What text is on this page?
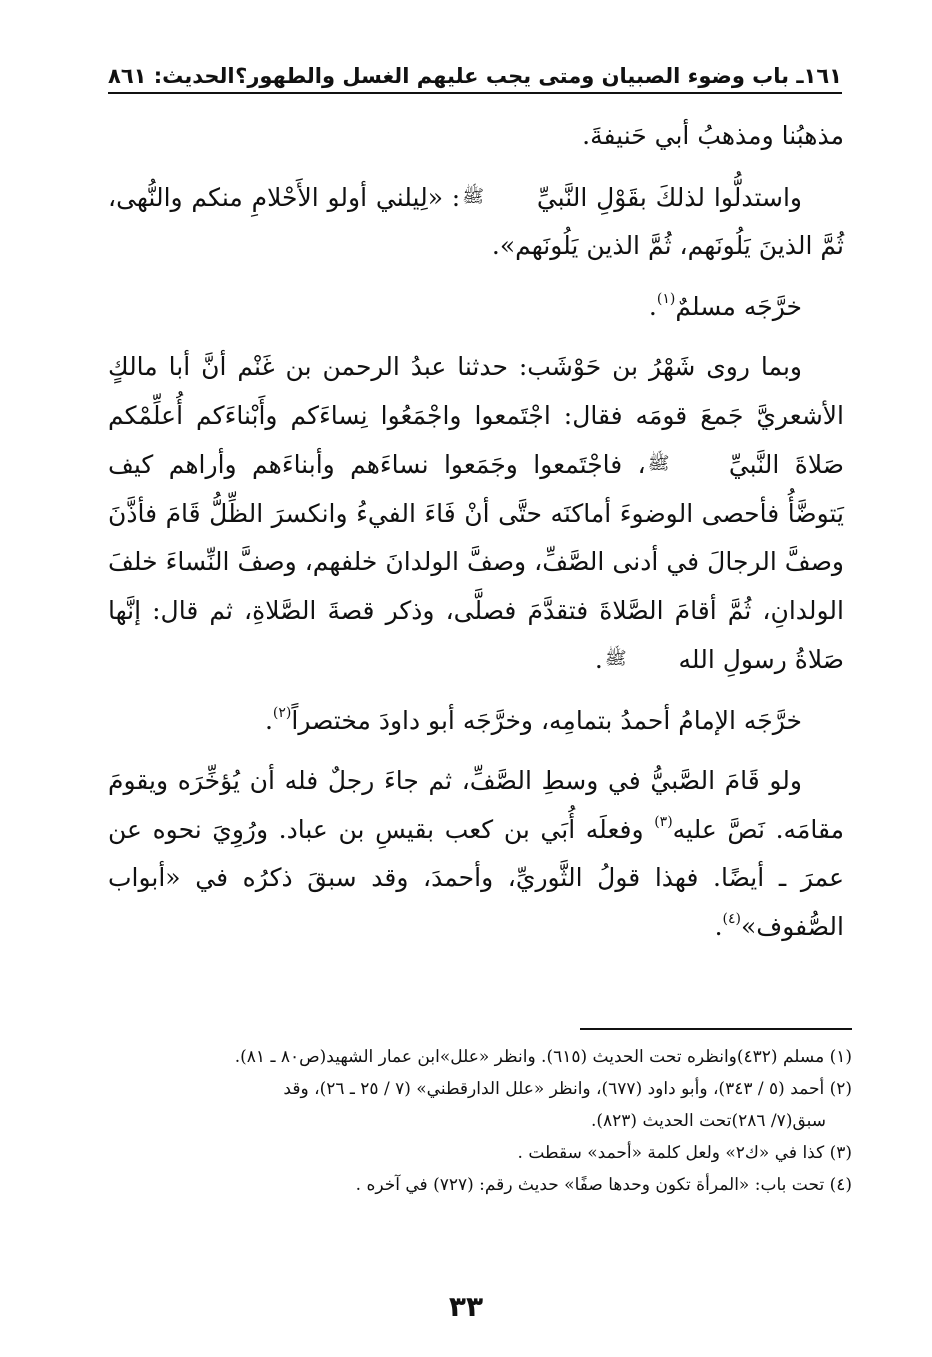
١٦١ـ باب وضوء الصبيان ومتى يجب عليهم الغسل والطهور؟
الحديث: ٨٦١

مذهبُنا ومذهبُ أبي حَنيفةَ.

واستدلُّوا لذلكَ بقَوْلِ النَّبيِّ ﷺ: «لِيلني أولو الأَحْلامِ منكم والنُّهى، ثُمَّ الذينَ يَلُونَهم، ثُمَّ الذين يَلُونَهم».

خرَّجَه مسلمٌ$^{(١)}$.

وبما روى شَهْرُ بن حَوْشَب: حدثنا عبدُ الرحمن بن غَنْم أنَّ أبا مالكٍ الأشعريَّ جَمعَ قومَه فقال: اجْتَمعوا واجْمَعُوا نِساءَكم وأَبْناءَكم أُعلِّمْكم صَلاةَ النَّبيِّ ﷺ، فاجْتَمعوا وجَمَعوا نساءَهم وأبناءَهم وأراهم كيف يَتوضَّأُ فأحصى الوضوءَ أماكنَه حتَّى أنْ فَاءَ الفيءُ وانكسرَ الظِّلُّ قَامَ فأذَّنَ وصفَّ الرجالَ في أدنى الصَّفِّ، وصفَّ الولدانَ خلفهم، وصفَّ النِّساءَ خلفَ الولدانِ، ثُمَّ أقامَ الصَّلاةَ فتقدَّمَ فصلَّى، وذكر قصةَ الصَّلاةِ، ثم قال: إنَّها صَلاةُ رسولِ الله ﷺ.

خرَّجَه الإمامُ أحمدُ بتمامِه، وخرَّجَه أبو داودَ مختصراً$^{(٢)}$.

ولو قَامَ الصَّبيُّ في وسطِ الصَّفِّ، ثم جاءَ رجلٌ فله أن يُؤخِّرَه ويقومَ مقامَه. نَصَّ عليه$^{(٣)}$ وفعلَه أُبَي بن كعب بقيسِ بن عباد. ورُوِيَ نحوه عن عمرَ ـ أيضًا. فهذا قولُ الثَّوريِّ، وأحمدَ، وقد سبقَ ذكرُه في «أبواب الصُّفوف»$^{(٤)}$.

(١) مسلم (٤٣٢)وانظره تحت الحديث (٦١٥). وانظر «علل»ابن عمار الشهيد(ص٨٠ ـ ٨١).
(٢) أحمد (٥ / ٣٤٣)، وأبو داود (٦٧٧)، وانظر «علل الدارقطني» (٧ / ٢٥ ـ ٢٦)، وقد
سبق(٧/ ٢٨٦)تحت الحديث (٨٢٣).
(٣) كذا في «ك٢» ولعل كلمة «أحمد» سقطت .
(٤) تحت باب: «المرأة تكون وحدها صفًا» حديث رقم: (٧٢٧) في آخره .
٣٣
